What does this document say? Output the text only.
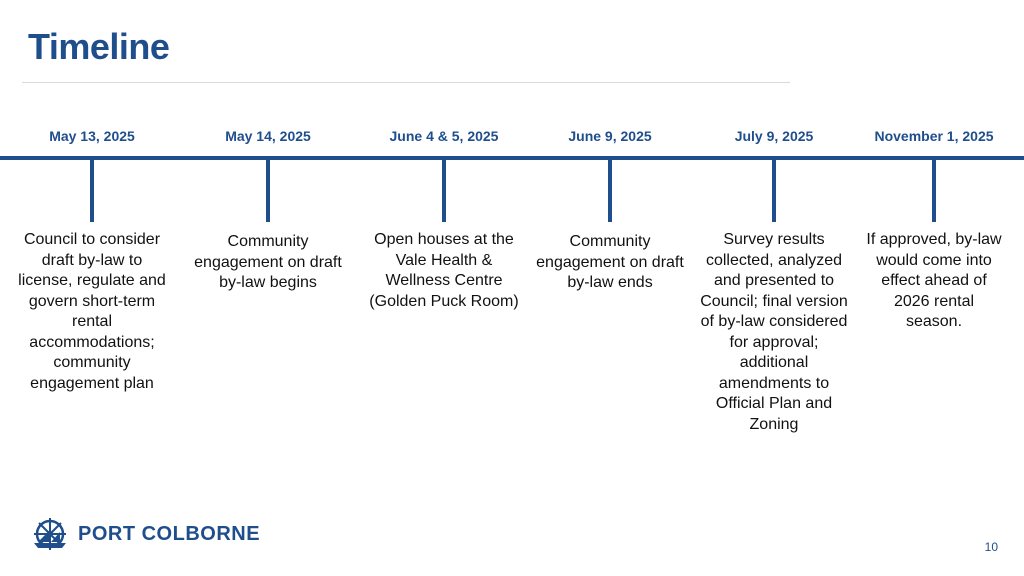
Timeline
May 13, 2025
Council to consider draft by-law to license, regulate and govern short-term rental accommodations; community engagement plan
May 14, 2025
Community engagement on draft by-law begins
June 4 & 5, 2025
Open houses at the Vale Health & Wellness Centre (Golden Puck Room)
June 9, 2025
Community engagement on draft by-law ends
July 9, 2025
Survey results collected, analyzed and presented to Council; final version of by-law considered for approval; additional amendments to Official Plan and Zoning
November 1, 2025
If approved, by-law would come into effect ahead of 2026 rental season.
PORT COLBORNE
10
